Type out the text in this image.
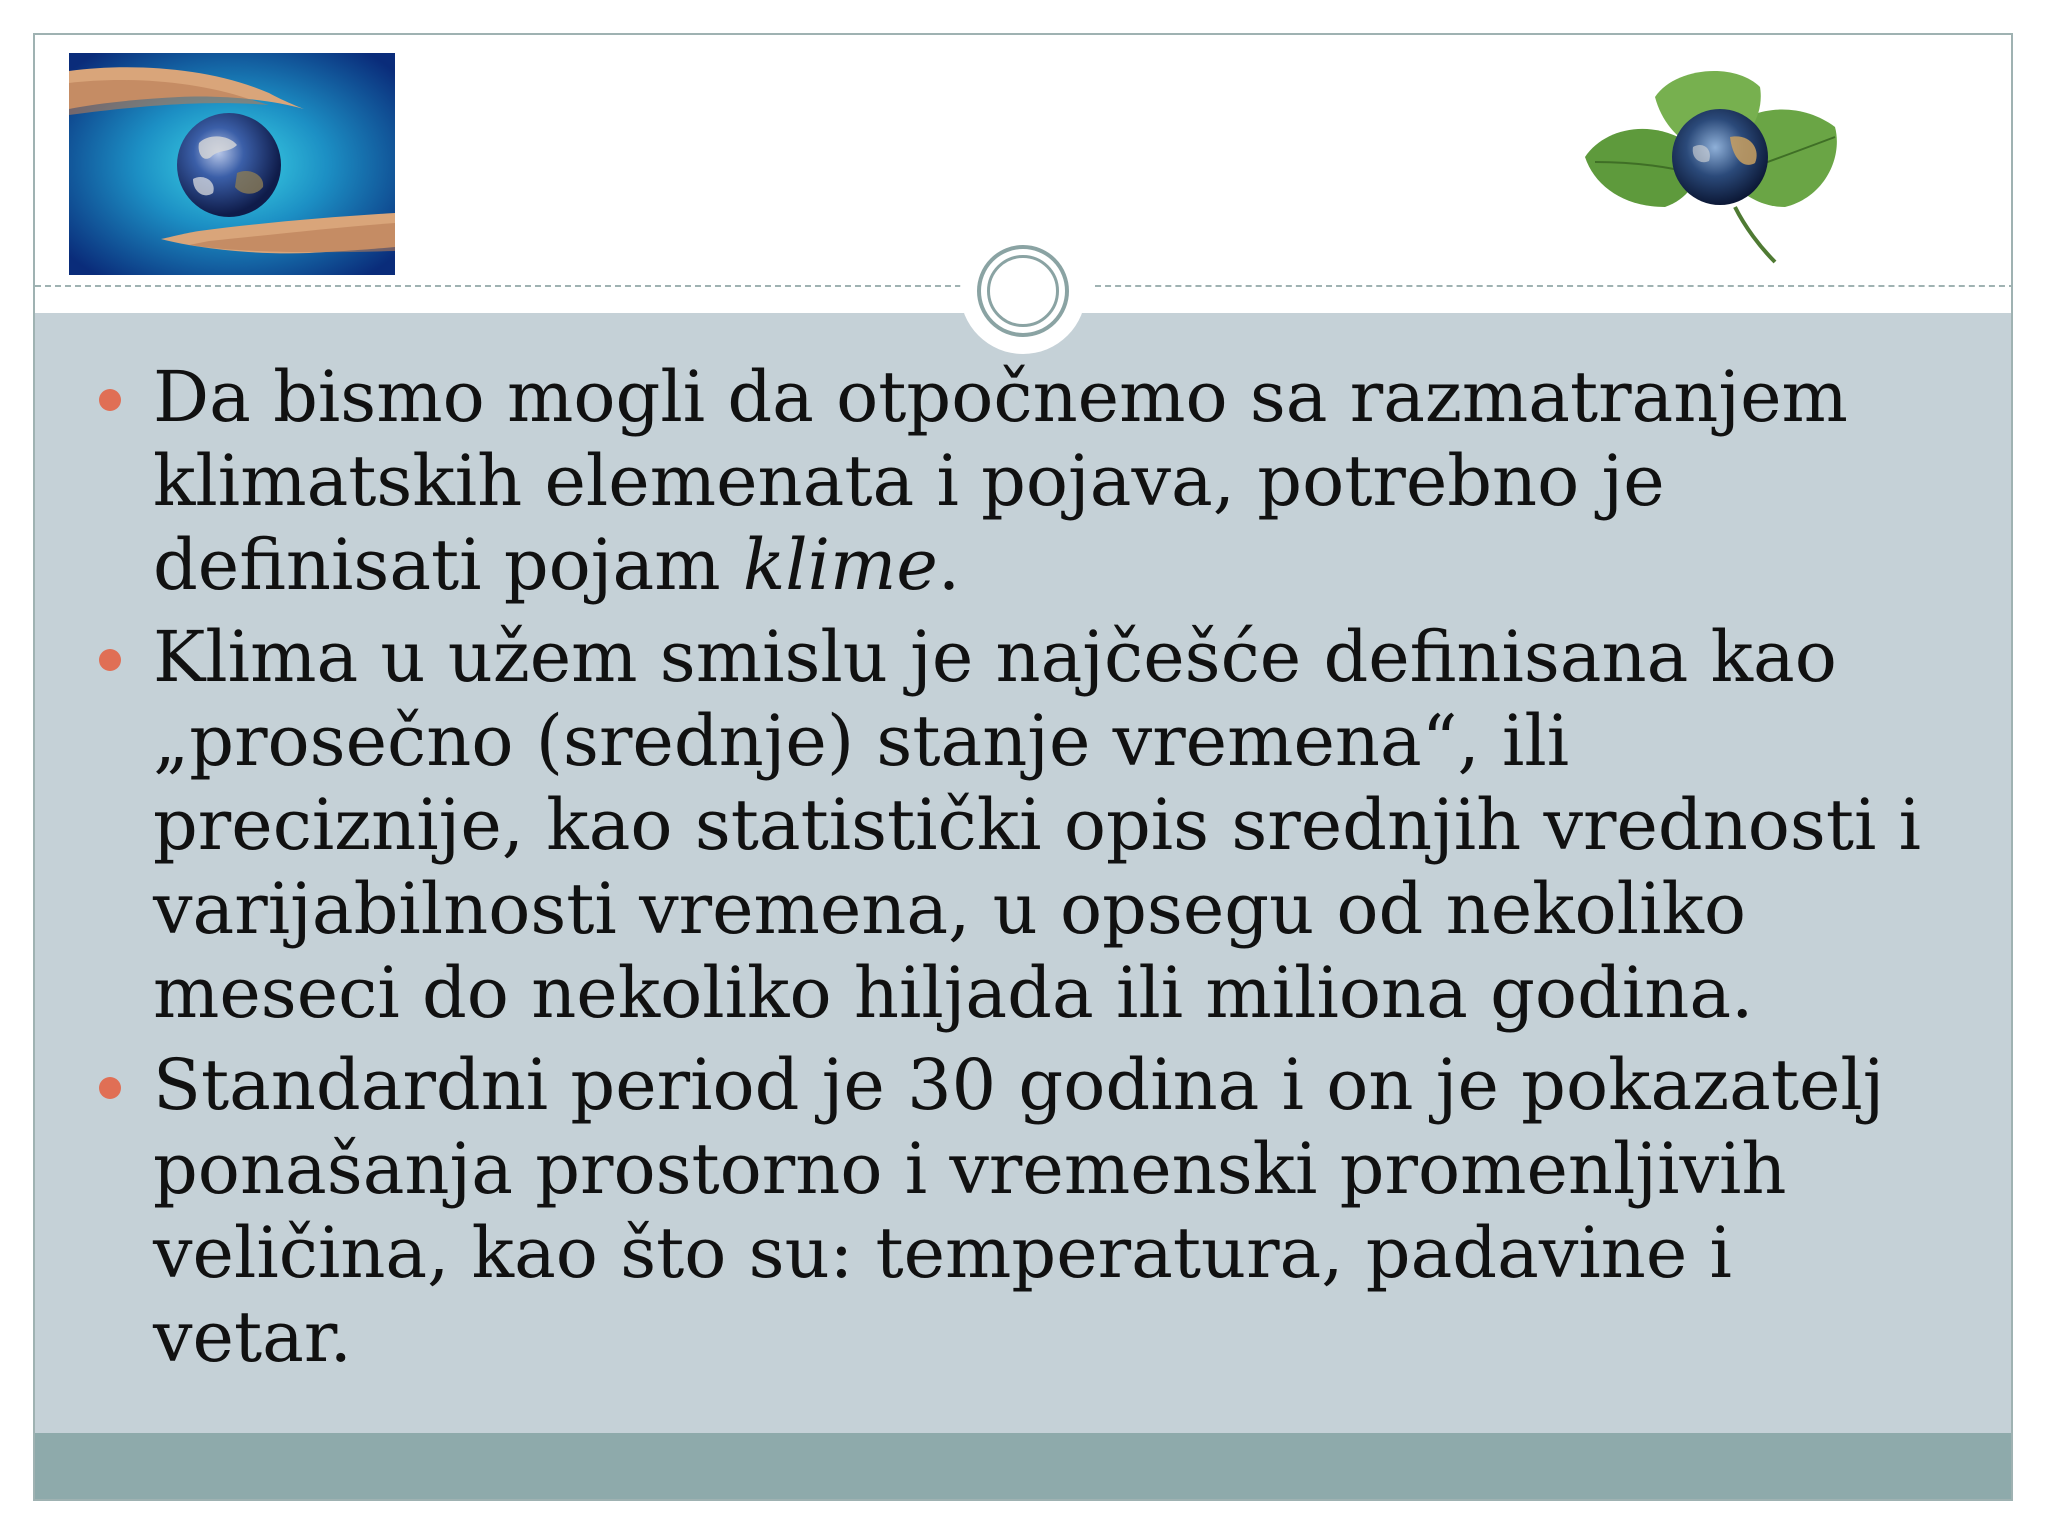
Da bismo mogli da otpočnemo sa razmatranjem klimatskih elemenata i pojava, potrebno je definisati pojam klime.
Klima u užem smislu je najčešće definisana kao „prosečno (srednje) stanje vremena“, ili preciznije, kao statistički opis srednjih vrednosti i varijabilnosti vremena, u opsegu od nekoliko meseci do nekoliko hiljada ili miliona godina.
Standardni period je 30 godina i on je pokazatelj ponašanja prostorno i vremenski promenljivih veličina, kao što su: temperatura, padavine i vetar.
